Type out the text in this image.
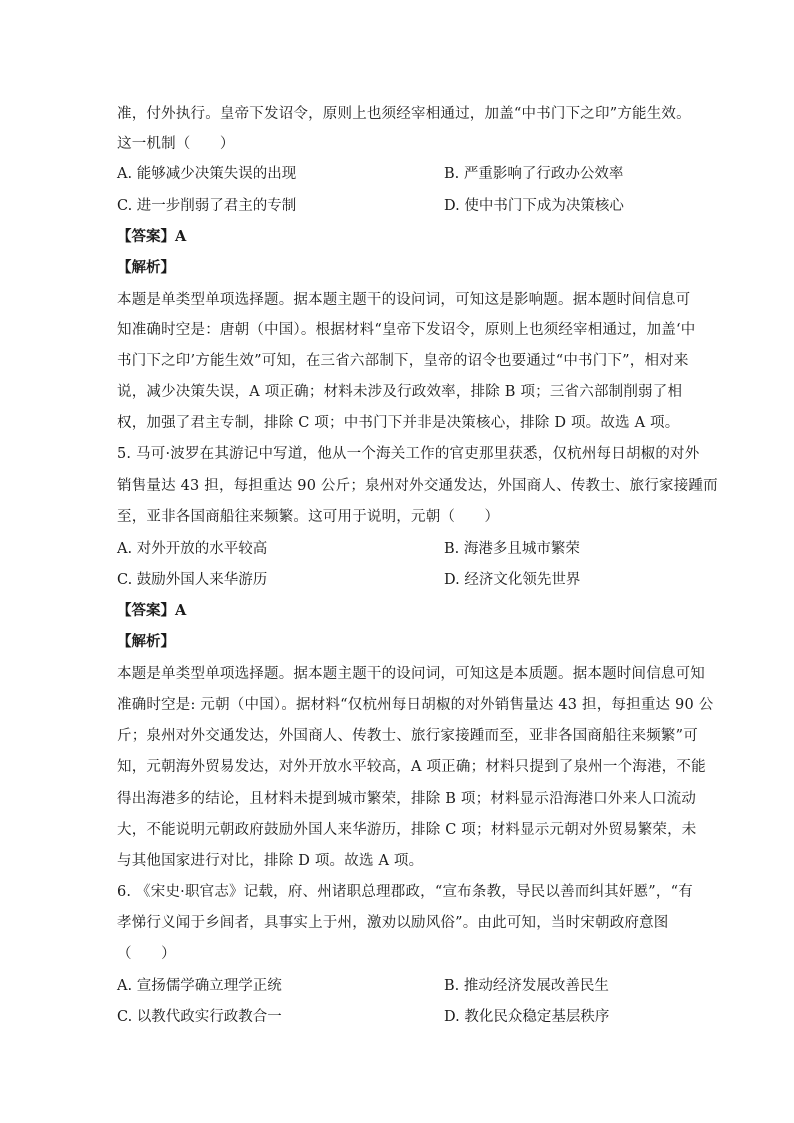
准，付外执行。皇帝下发诏令，原则上也须经宰相通过，加盖“中书门下之印”方能生效。
这一机制（　　）
A. 能够减少决策失误的出现	B. 严重影响了行政办公效率
C. 进一步削弱了君主的专制	D. 使中书门下成为决策核心
【答案】A
【解析】
本题是单类型单项选择题。据本题主题干的设问词，可知这是影响题。据本题时间信息可
知准确时空是：唐朝（中国）。根据材料“皇帝下发诏令，原则上也须经宰相通过，加盖‘中
书门下之印’方能生效”可知，在三省六部制下，皇帝的诏令也要通过“中书门下”，相对来
说，减少决策失误，A 项正确；材料未涉及行政效率，排除 B 项；三省六部制削弱了相
权，加强了君主专制，排除 C 项；中书门下并非是决策核心，排除 D 项。故选 A 项。
5. 马可·波罗在其游记中写道，他从一个海关工作的官吏那里获悉，仅杭州每日胡椒的对外
销售量达 43 担，每担重达 90 公斤；泉州对外交通发达，外国商人、传教士、旅行家接踵而
至，亚非各国商船往来频繁。这可用于说明，元朝（　　）
A. 对外开放的水平较高	B. 海港多且城市繁荣
C. 鼓励外国人来华游历	D. 经济文化领先世界
【答案】A
【解析】
本题是单类型单项选择题。据本题主题干的设问词，可知这是本质题。据本题时间信息可知
准确时空是: 元朝（中国）。据材料“仅杭州每日胡椒的对外销售量达 43 担，每担重达 90 公
斤；泉州对外交通发达，外国商人、传教士、旅行家接踵而至，亚非各国商船往来频繁”可
知，元朝海外贸易发达，对外开放水平较高，A 项正确；材料只提到了泉州一个海港，不能
得出海港多的结论，且材料未提到城市繁荣，排除 B 项；材料显示沿海港口外来人口流动
大，不能说明元朝政府鼓励外国人来华游历，排除 C 项；材料显示元朝对外贸易繁荣，未
与其他国家进行对比，排除 D 项。故选 A 项。
6. 《宋史·职官志》记载，府、州诸职总理郡政，“宣布条教，导民以善而纠其奸慝”，“有
孝悌行义闻于乡闾者，具事实上于州，激劝以励风俗”。由此可知，当时宋朝政府意图
（　　）
A. 宣扬儒学确立理学正统	B. 推动经济发展改善民生
C. 以教代政实行政教合一	D. 教化民众稳定基层秩序
